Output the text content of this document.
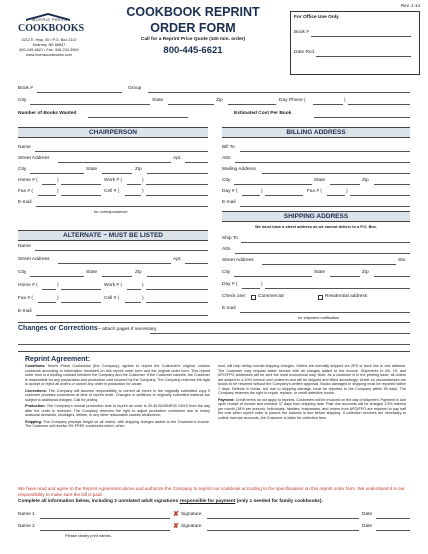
Rev. 1-14
MORRIS PRESS
COOKBOOKS
3212 E. Hwy. 30 • P.O. Box 2110
Kearney, NE 68847
800-445-6621 • Fax: 308-234-3969
www.morriscookbooks.com
COOKBOOK REPRINT
ORDER FORM
Call for a Reprint Price Quote (100 min. order)
800-445-6621
For Office Use Only
Book #
Date Rcd
Book #	Group
City	State	Zip	Day Phone (	)
Number of Books Wanted	Estimated Cost Per Book
CHAIRPERSON
Name
Street Address	Apt.
City	State	Zip
Home # (	)	Work # (	)
Fax # (	)	Cell # (	)
E-mail
for correspondence
BILLING ADDRESS
Bill To
Attn
Mailing Address
City	State	Zip
Day # (	)	Fax # (	)
E-mail
SHIPPING ADDRESS
We must have a street address as we cannot deliver to a P.O. Box.
ALTERNATE ~ MUST BE LISTED
Name
Street Address	Apt.
City	State	Zip
Home # (	)	Work # (	)
Fax # (	)	Cell # (	)
E-mail
Ship To
Attn
Street Address	Ste.
City	State	Zip
Day # (	)
Check one: Commercial	Residential address
E-mail
for shipment notification
Changes or Corrections ~ attach pages if necessary
Reprint Agreement:

Conditions: Morris Press Cookbooks (the Company), agrees to reprint the Customer's original, custom cookbook according to information furnished on this reprint order form and the original order form. This reprint order form is a binding contract between the Company and the Customer. If the Customer cancels, the Customer is responsible for any preparation and production cost incurred by the Company. The Company reserves the right to accept or reject all orders or cancel any order in production for cause.

Corrections: The Company will assume responsibility to correct all errors in the originally submitted copy if customer provides corrections at time of reprint order. Changes or additions to originally submitted material are subject to additional charges. Call for pricing.

Production: The Company's normal production time to reprint an order is 25-30 BUSINESS DAYS from the day after the order is received. The Company reserves the right to adjust production schedules due to heavy seasonal demands, shortages, strikes, or any other reasonable causes whatsoever.

Shipping: The Company prepays freight on all orders, with shipping charges added to the Customer's invoice. The Customer will receive 5% FREE cookbooks which, when

sold, will help defray normal shipping charges. Orders are normally shipped via UPS or truck line to one address. The Customer may request faster service with all charges added to the invoice. Shipments to AK, HI, and APO/FPO addresses will be sent the most economical way. Note: As a customer is in the printing trade, all orders are subject to a 10% overrun and underrun and will be shipped and billed accordingly. Under no circumstances are books to be returned without the Company's written approval. Books damaged in shipping must be reported within 7 days. Defects in books, but due to shipping damage, must be reported to the Company within 90 days. The Company reserves the right to repair, replace, or credit defective books.

Payment: Credit terms do not apply to reprints. Customers will be invoiced on the day of shipment. Payment is due upon receipt of invoice and overdue 37 days from shipping date. Past due accounts will be charged 1.5% interest per month (18% per annum). Individuals, families, businesses, and orders from APO/FPO are required to pay half the cost when reprint order is placed; the balance is due before shipping. If collection services are necessary to collect overdue accounts, the Customer is liable for collection fees.

We have read and agree to the Reprint Agreement above and authorize the Company to reprint our cookbook according to the specifications on this reprint order form. We understand it is our responsibility to make sure the bill is paid.
Complete all information below, including 2 unrelated adult signatures responsible for payment (only 1 needed for family cookbooks).
Name 1	✘ Signature	Date
Name 2	✘ Signature	Date
Please clearly print names.
